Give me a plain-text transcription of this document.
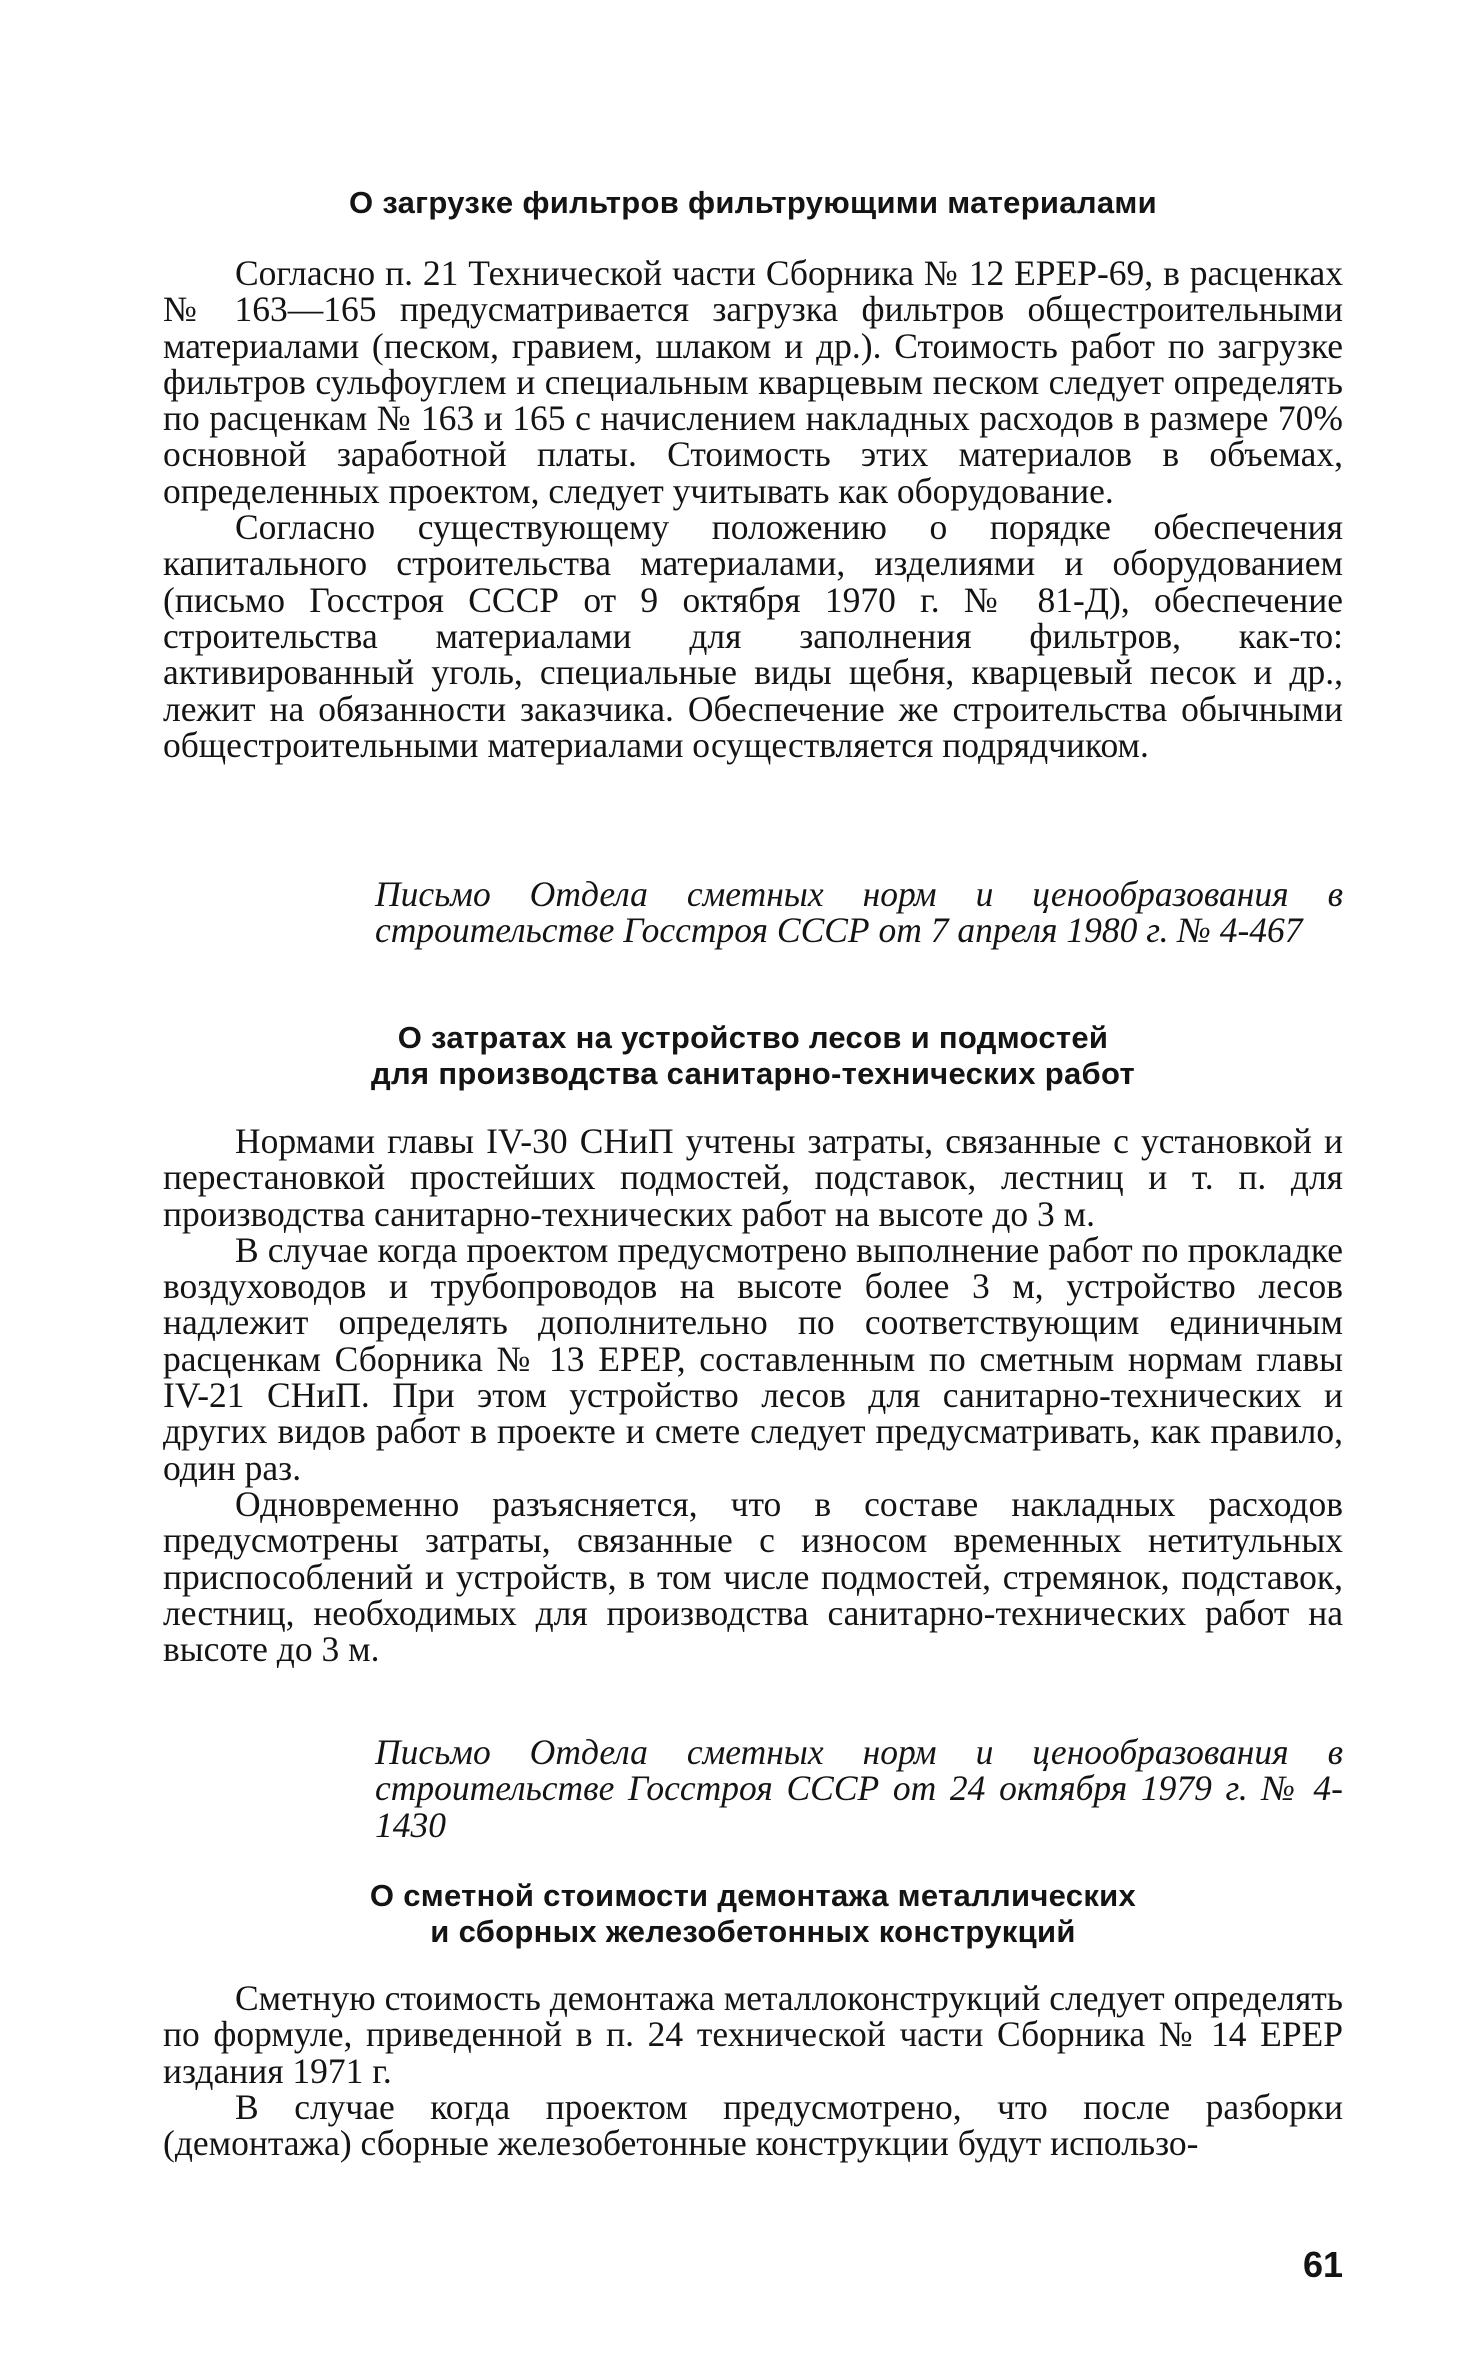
О загрузке фильтров фильтрующими материалами

Согласно п. 21 Технической части Сборника № 12 ЕРЕР-69, в расценках № 163—165 предусматривается загрузка фильтров общестроительными материалами (песком, гравием, шлаком и др.). Стоимость работ по загрузке фильтров сульфоуглем и специальным кварцевым песком следует определять по расценкам № 163 и 165 с начислением накладных расходов в размере 70% основной заработной платы. Стоимость этих материалов в объемах, определенных проектом, следует учитывать как оборудование.

Согласно существующему положению о порядке обеспечения капитального строительства материалами, изделиями и оборудованием (письмо Госстроя СССР от 9 октября 1970 г. № 81-Д), обеспечение строительства материалами для заполнения фильтров, как-то: активированный уголь, специальные виды щебня, кварцевый песок и др., лежит на обязанности заказчика. Обеспечение же строительства обычными общестроительными материалами осуществляется подрядчиком.

Письмо Отдела сметных норм и ценообразования в строительстве Госстроя СССР от 7 апреля 1980 г. № 4-467

О затратах на устройство лесов и подмостей
для производства санитарно-технических работ

Нормами главы IV-30 СНиП учтены затраты, связанные с установкой и перестановкой простейших подмостей, подставок, лестниц и т. п. для производства санитарно-технических работ на высоте до 3 м.

В случае когда проектом предусмотрено выполнение работ по прокладке воздуховодов и трубопроводов на высоте более 3 м, устройство лесов надлежит определять дополнительно по соответствующим единичным расценкам Сборника № 13 ЕРЕР, составленным по сметным нормам главы IV-21 СНиП. При этом устройство лесов для санитарно-технических и других видов работ в проекте и смете следует предусматривать, как правило, один раз.

Одновременно разъясняется, что в составе накладных расходов предусмотрены затраты, связанные с износом временных нетитульных приспособлений и устройств, в том числе подмостей, стремянок, подставок, лестниц, необходимых для производства санитарно-технических работ на высоте до 3 м.

Письмо Отдела сметных норм и ценообразования в строительстве Госстроя СССР от 24 октября 1979 г. № 4-1430

О сметной стоимости демонтажа металлических
и сборных железобетонных конструкций

Сметную стоимость демонтажа металлоконструкций следует определять по формуле, приведенной в п. 24 технической части Сборника № 14 ЕРЕР издания 1971 г.

В случае когда проектом предусмотрено, что после разборки (демонтажа) сборные железобетонные конструкции будут использо-

61
